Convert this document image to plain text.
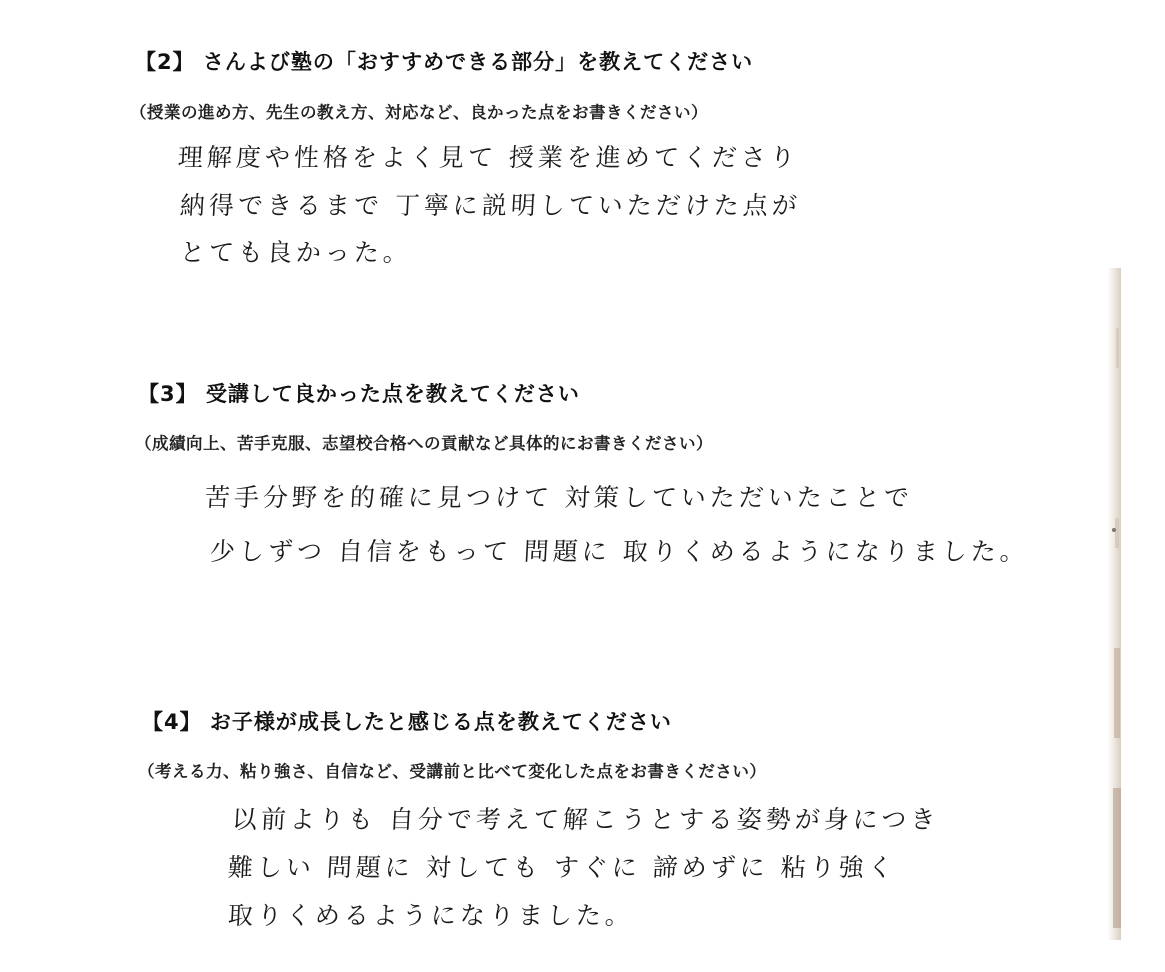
【2】 さんよび塾の「おすすめできる部分」を教えてください
（授業の進め方、先生の教え方、対応など、良かった点をお書きください）
理解度や性格をよく見て 授業を進めてくださり
納得できるまで 丁寧に説明していただけた点が
とても良かった。
【3】 受講して良かった点を教えてください
（成績向上、苦手克服、志望校合格への貢献など具体的にお書きください）
苦手分野を的確に見つけて 対策していただいたことで
少しずつ 自信をもって 問題に 取りくめるようになりました。
【4】 お子様が成長したと感じる点を教えてください
（考える力、粘り強さ、自信など、受講前と比べて変化した点をお書きください）
以前よりも 自分で考えて解こうとする姿勢が身につき
難しい 問題に 対しても すぐに 諦めずに 粘り強く
取りくめるようになりました。
